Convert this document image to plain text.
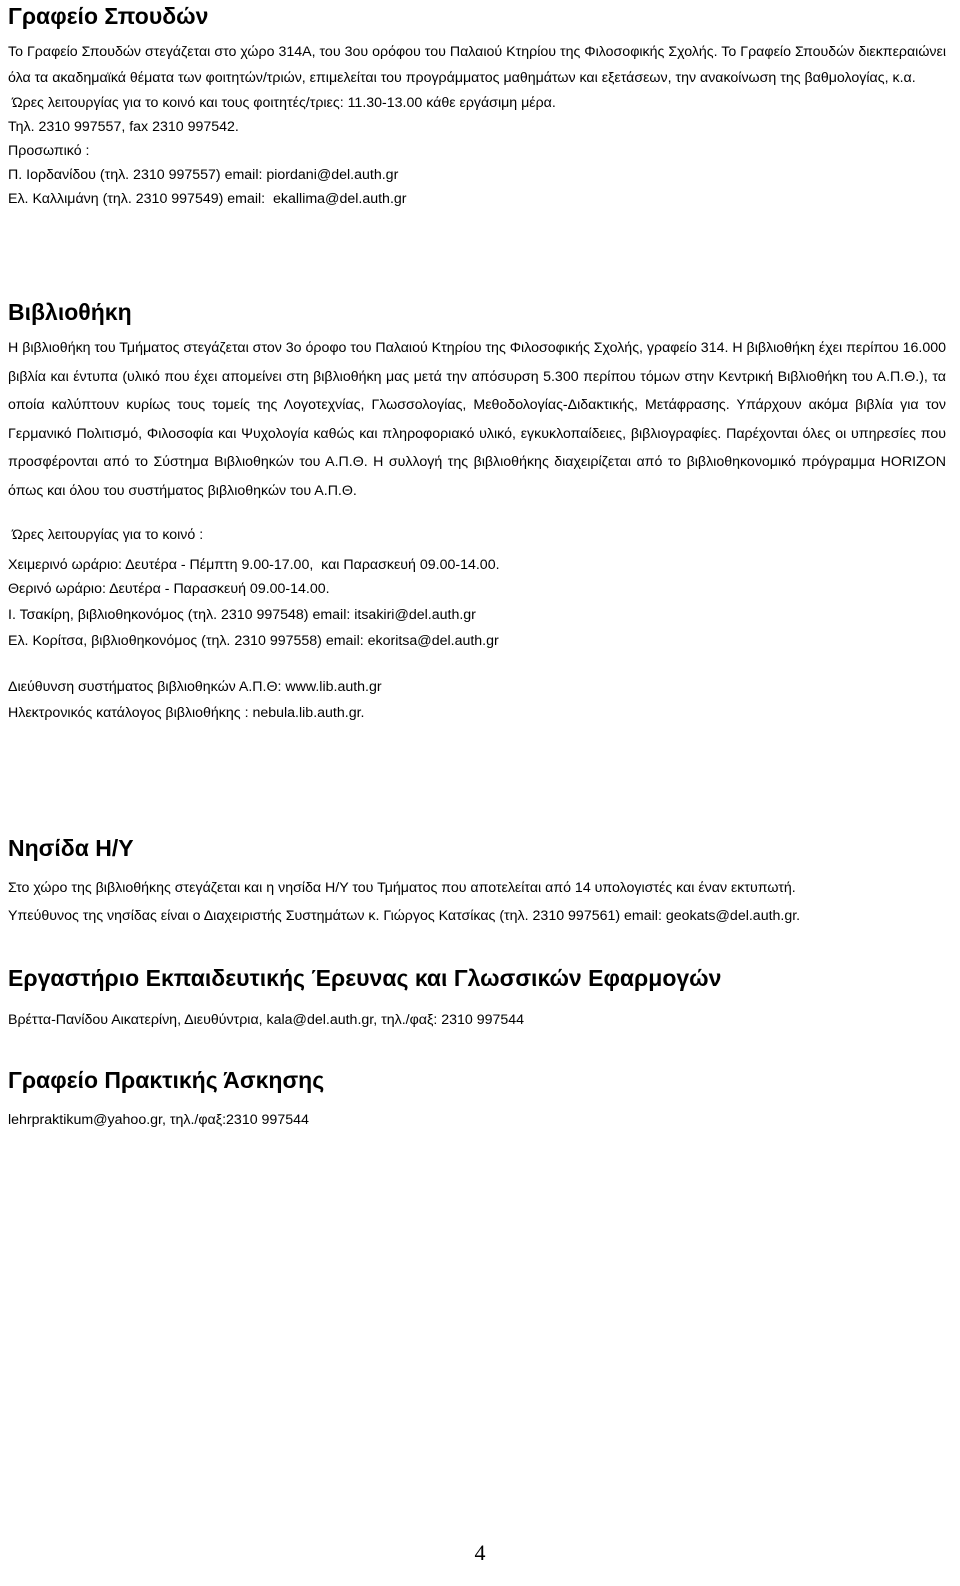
Γραφείο Σπουδών

Το Γραφείο Σπουδών στεγάζεται στο χώρο 314Α, του 3ου ορόφου του Παλαιού Κτηρίου της Φιλοσοφικής Σχολής. Το Γραφείο Σπουδών διεκπεραιώνει όλα τα ακαδημαϊκά θέματα των φοιτητών/τριών, επιμελείται του προγράμματος μαθημάτων και εξετάσεων, την ανακοίνωση της βαθμολογίας, κ.α.

Ώρες λειτουργίας για το κοινό και τους φοιτητές/τριες: 11.30-13.00 κάθε εργάσιμη μέρα.

Τηλ. 2310 997557, fax 2310 997542.

Προσωπικό :

Π. Ιορδανίδου (τηλ. 2310 997557) email: piordani@del.auth.gr

Ελ. Καλλιμάνη (τηλ. 2310 997549) email:  ekallima@del.auth.gr

Βιβλιοθήκη

Η βιβλιοθήκη του Τμήματος στεγάζεται στον 3ο όροφο του Παλαιού Κτηρίου της Φιλοσοφικής Σχολής, γραφείο 314. Η βιβλιοθήκη έχει περίπου 16.000 βιβλία και έντυπα (υλικό που έχει απομείνει στη βιβλιοθήκη μας μετά την απόσυρση 5.300 περίπου τόμων στην Κεντρική Βιβλιοθήκη του Α.Π.Θ.), τα οποία καλύπτουν κυρίως τους τομείς της Λογοτεχνίας, Γλωσσολογίας, Μεθοδολογίας-Διδακτικής, Μετάφρασης. Υπάρχουν ακόμα βιβλία για τον Γερμανικό Πολιτισμό, Φιλοσοφία και Ψυχολογία καθώς και πληροφοριακό υλικό, εγκυκλοπαίδειες, βιβλιογραφίες. Παρέχονται όλες οι υπηρεσίες που προσφέρονται από το Σύστημα Βιβλιοθηκών του Α.Π.Θ. Η συλλογή της βιβλιοθήκης διαχειρίζεται από το βιβλιοθηκονομικό πρόγραμμα HORIZON όπως και όλου του συστήματος βιβλιοθηκών του Α.Π.Θ.

Ώρες λειτουργίας για το κοινό :

Χειμερινό ωράριο: Δευτέρα - Πέμπτη 9.00-17.00,  και Παρασκευή 09.00-14.00.

Θερινό ωράριο: Δευτέρα - Παρασκευή 09.00-14.00.

Ι. Τσακίρη, βιβλιοθηκονόμος (τηλ. 2310 997548) email: itsakiri@del.auth.gr

Ελ. Κορίτσα, βιβλιοθηκονόμος (τηλ. 2310 997558) email: ekoritsa@del.auth.gr

Διεύθυνση συστήματος βιβλιοθηκών Α.Π.Θ: www.lib.auth.gr

Ηλεκτρονικός κατάλογος βιβλιοθήκης : nebula.lib.auth.gr.

Νησίδα Η/Υ

Στο χώρο της βιβλιοθήκης στεγάζεται και η νησίδα Η/Υ του Τμήματος που αποτελείται από 14 υπολογιστές και έναν εκτυπωτή.

Υπεύθυνος της νησίδας είναι ο Διαχειριστής Συστημάτων κ. Γιώργος Κατσίκας (τηλ. 2310 997561) email: geokats@del.auth.gr.

Εργαστήριο Εκπαιδευτικής Έρευνας και Γλωσσικών Εφαρμογών

Βρέττα-Πανίδου Αικατερίνη, Διευθύντρια, kala@del.auth.gr, τηλ./φαξ: 2310 997544

Γραφείο Πρακτικής Άσκησης

lehrpraktikum@yahoo.gr, τηλ./φαξ:2310 997544

4
